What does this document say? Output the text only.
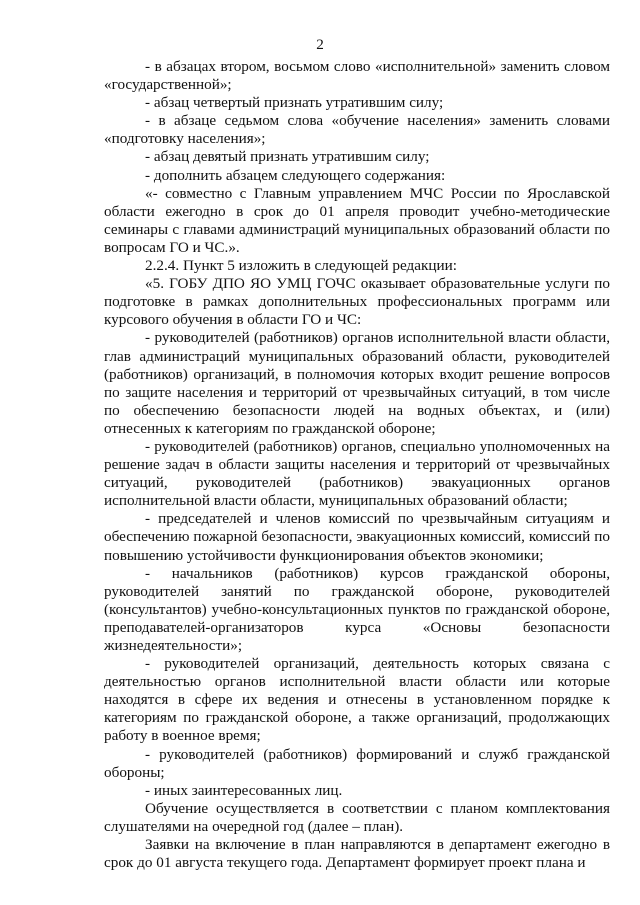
2

- в абзацах втором, восьмом слово «исполнительной» заменить словом «государственной»;

- абзац четвертый признать утратившим силу;

- в абзаце седьмом слова «обучение населения» заменить словами «подготовку населения»;

- абзац девятый признать утратившим силу;

- дополнить абзацем следующего содержания:

«- совместно с Главным управлением МЧС России по Ярославской области ежегодно в срок до 01 апреля проводит учебно-методические семинары с главами администраций муниципальных образований области по вопросам ГО и ЧС.».

2.2.4. Пункт 5 изложить в следующей редакции:

«5. ГОБУ ДПО ЯО УМЦ ГОЧС оказывает образовательные услуги по подготовке в рамках дополнительных профессиональных программ или курсового обучения в области ГО и ЧС:

- руководителей (работников) органов исполнительной власти области, глав администраций муниципальных образований области, руководителей (работников) организаций, в полномочия которых входит решение вопросов по защите населения и территорий от чрезвычайных ситуаций, в том числе по обеспечению безопасности людей на водных объектах, и (или) отнесенных к категориям по гражданской обороне;

- руководителей (работников) органов, специально уполномоченных на решение задач в области защиты населения и территорий от чрезвычайных ситуаций, руководителей (работников) эвакуационных органов исполнительной власти области, муниципальных образований области;

- председателей и членов комиссий по чрезвычайным ситуациям и обеспечению пожарной безопасности, эвакуационных комиссий, комиссий по повышению устойчивости функционирования объектов экономики;

- начальников (работников) курсов гражданской обороны, руководителей занятий по гражданской обороне, руководителей (консультантов) учебно-консультационных пунктов по гражданской обороне, преподавателей-организаторов курса «Основы безопасности жизнедеятельности»;

- руководителей организаций, деятельность которых связана с деятельностью органов исполнительной власти области или которые находятся в сфере их ведения и отнесены в установленном порядке к категориям по гражданской обороне, а также организаций, продолжающих работу в военное время;

- руководителей (работников) формирований и служб гражданской обороны;

- иных заинтересованных лиц.

Обучение осуществляется в соответствии с планом комплектования слушателями на очередной год (далее – план).

Заявки на включение в план направляются в департамент ежегодно в срок до 01 августа текущего года. Департамент формирует проект плана и
